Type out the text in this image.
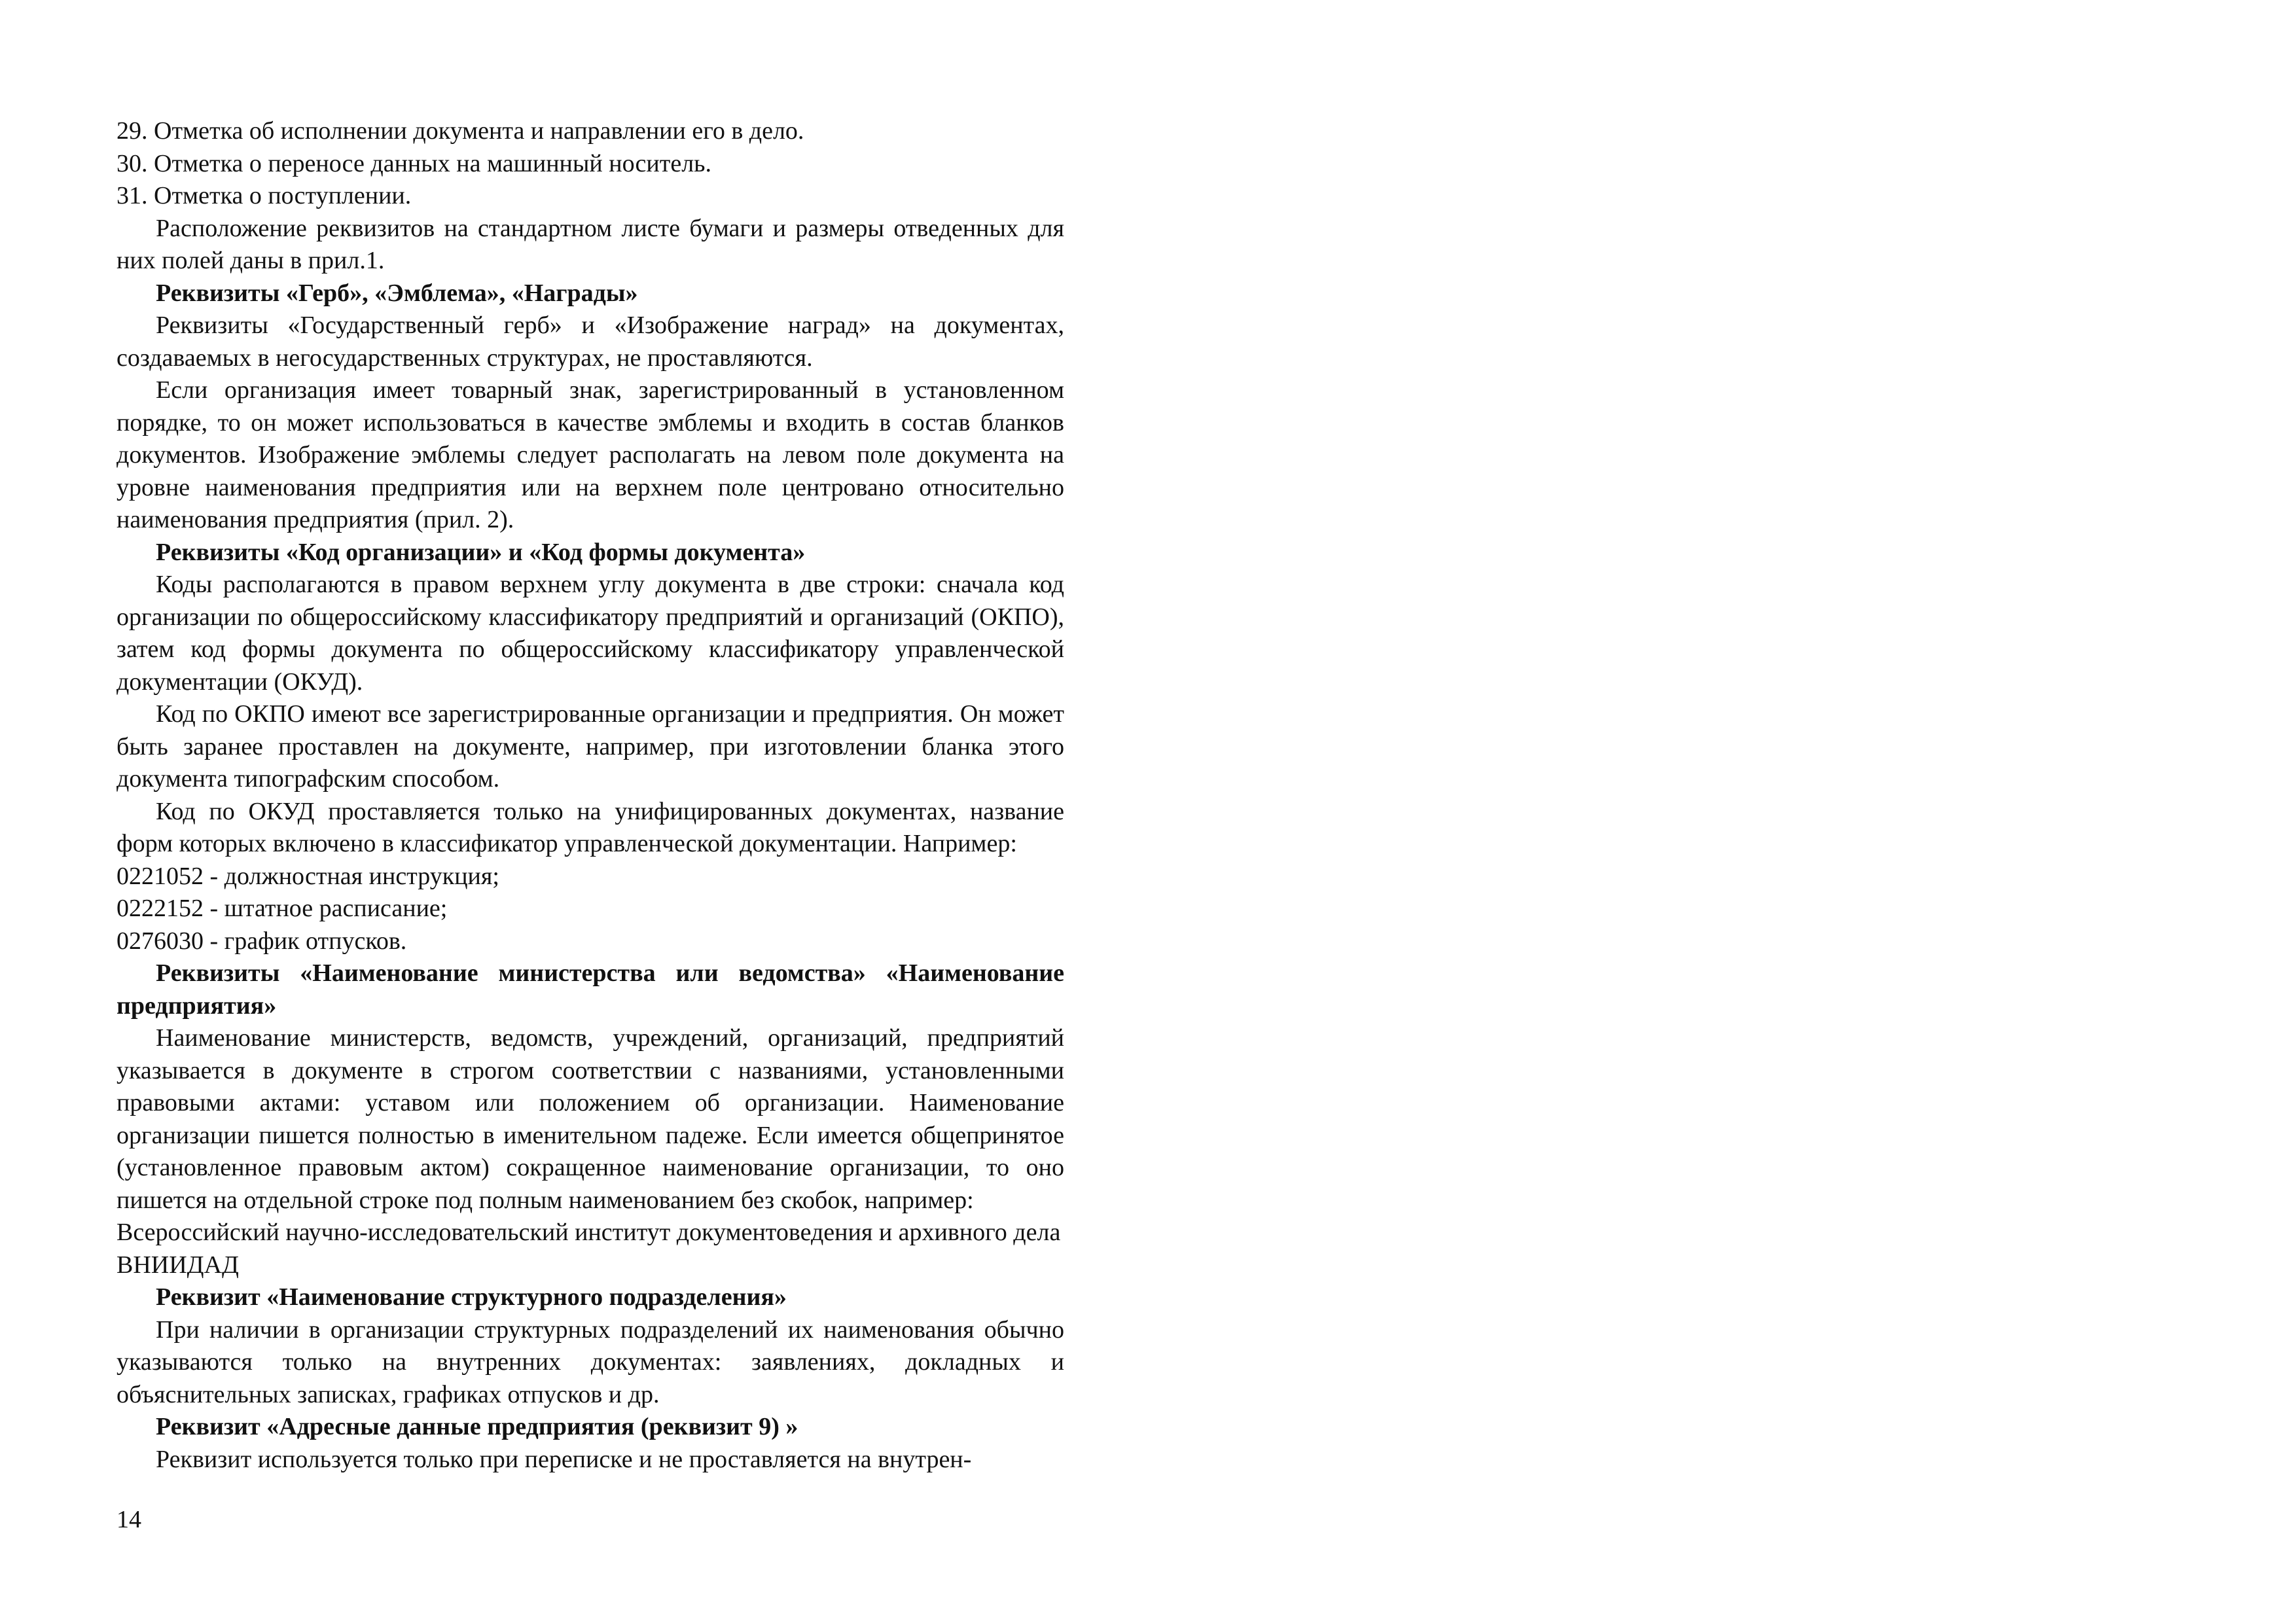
29. Отметка об исполнении документа и направлении его в дело.

30. Отметка о переносе данных на машинный носитель.

31. Отметка о поступлении.

Расположение реквизитов на стандартном листе бумаги и размеры отведенных для них полей даны в прил.1.

Реквизиты «Герб», «Эмблема», «Награды»

Реквизиты «Государственный герб» и «Изображение наград» на документах, создаваемых в негосударственных структурах, не проставляются.

Если организация имеет товарный знак, зарегистрированный в установленном порядке, то он может использоваться в качестве эмблемы и входить в состав бланков документов. Изображение эмблемы следует располагать на левом поле документа на уровне наименования предприятия или на верхнем поле центровано относительно наименования предприятия (прил. 2).

Реквизиты «Код организации» и «Код формы документа»

Коды располагаются в правом верхнем углу документа в две строки: сначала код организации по общероссийскому классификатору предприятий и организаций (ОКПО), затем код формы документа по общероссийскому классификатору управленческой документации (ОКУД).

Код по ОКПО имеют все зарегистрированные организации и предприятия. Он может быть заранее проставлен на документе, например, при изготовлении бланка этого документа типографским способом.

Код по ОКУД проставляется только на унифицированных документах, название форм которых включено в классификатор управленческой документации. Например:

0221052 - должностная инструкция;

0222152 - штатное расписание;

0276030 - график отпусков.

Реквизиты «Наименование министерства или ведомства» «Наименование предприятия»

Наименование министерств, ведомств, учреждений, организаций, предприятий указывается в документе в строгом соответствии с названиями, установленными правовыми актами: уставом или положением об организации. Наименование организации пишется полностью в именительном падеже. Если имеется общепринятое (установленное правовым актом) сокращенное наименование организации, то оно пишется на отдельной строке под полным наименованием без скобок, например:

Всероссийский научно-исследовательский институт документоведения и архивного дела

ВНИИДАД

Реквизит «Наименование структурного подразделения»

При наличии в организации структурных подразделений их наименования обычно указываются только на внутренних документах: заявлениях, докладных и объяснительных записках, графиках отпусков и др.

Реквизит «Адресные данные предприятия (реквизит 9) »

Реквизит используется только при переписке и не проставляется на внутрен-

14
